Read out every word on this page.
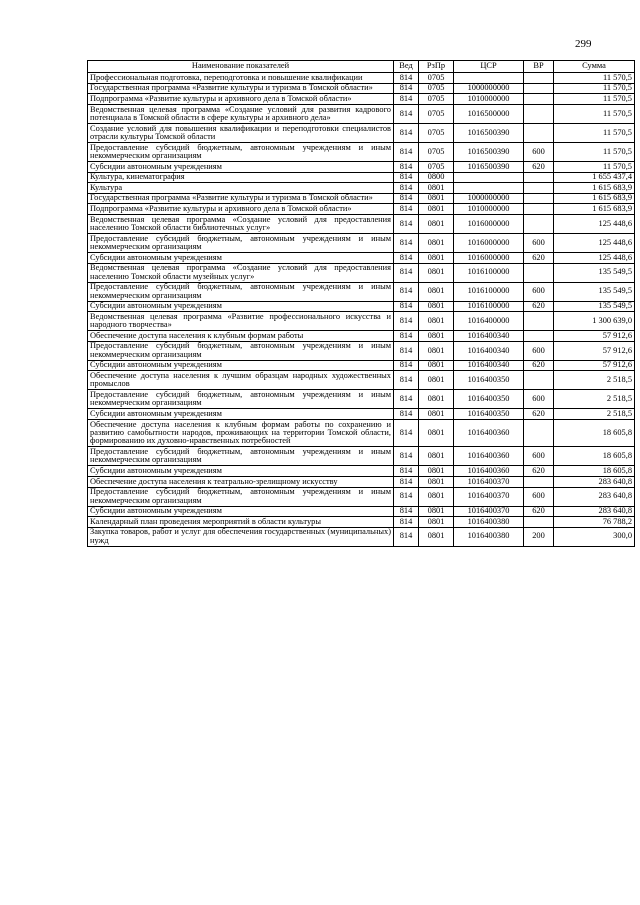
299
Наименование показателей	Вед	РзПр	ЦСР	ВР	Сумма
Профессиональная подготовка, переподготовка и повышение квалификации	814	0705			11 570,5
Государственная программа «Развитие культуры и туризма в Томской области»	814	0705	1000000000		11 570,5
Подпрограмма «Развитие культуры и архивного дела в Томской области»	814	0705	1010000000		11 570,5
Ведомственная целевая программа «Создание условий для развития кадрового потенциала в Томской области в сфере культуры и архивного дела»	814	0705	1016500000		11 570,5
Создание условий для повышения квалификации и переподготовки специалистов отрасли культуры Томской области	814	0705	1016500390		11 570,5
Предоставление субсидий бюджетным, автономным учреждениям и иным некоммерческим организациям	814	0705	1016500390	600	11 570,5
Субсидии автономным учреждениям	814	0705	1016500390	620	11 570,5
Культура, кинематография	814	0800			1 655 437,4
Культура	814	0801			1 615 683,9
Государственная программа «Развитие культуры и туризма в Томской области»	814	0801	1000000000		1 615 683,9
Подпрограмма «Развитие культуры и архивного дела в Томской области»	814	0801	1010000000		1 615 683,9
Ведомственная целевая программа «Создание условий для предоставления населению Томской области библиотечных услуг»	814	0801	1016000000		125 448,6
Предоставление субсидий бюджетным, автономным учреждениям и иным некоммерческим организациям	814	0801	1016000000	600	125 448,6
Субсидии автономным учреждениям	814	0801	1016000000	620	125 448,6
Ведомственная целевая программа «Создание условий для предоставления населению Томской области музейных услуг»	814	0801	1016100000		135 549,5
Предоставление субсидий бюджетным, автономным учреждениям и иным некоммерческим организациям	814	0801	1016100000	600	135 549,5
Субсидии автономным учреждениям	814	0801	1016100000	620	135 549,5
Ведомственная целевая программа «Развитие профессионального искусства и народного творчества»	814	0801	1016400000		1 300 639,0
Обеспечение доступа населения к клубным формам работы	814	0801	1016400340		57 912,6
Предоставление субсидий бюджетным, автономным учреждениям и иным некоммерческим организациям	814	0801	1016400340	600	57 912,6
Субсидии автономным учреждениям	814	0801	1016400340	620	57 912,6
Обеспечение доступа населения к лучшим образцам народных художественных промыслов	814	0801	1016400350		2 518,5
Предоставление субсидий бюджетным, автономным учреждениям и иным некоммерческим организациям	814	0801	1016400350	600	2 518,5
Субсидии автономным учреждениям	814	0801	1016400350	620	2 518,5
Обеспечение доступа населения к клубным формам работы по сохранению и развитию самобытности народов, проживающих на территории Томской области, формированию их духовно-нравственных потребностей	814	0801	1016400360		18 605,8
Предоставление субсидий бюджетным, автономным учреждениям и иным некоммерческим организациям	814	0801	1016400360	600	18 605,8
Субсидии автономным учреждениям	814	0801	1016400360	620	18 605,8
Обеспечение доступа населения к театрально-зрелищному искусству	814	0801	1016400370		283 640,8
Предоставление субсидий бюджетным, автономным учреждениям и иным некоммерческим организациям	814	0801	1016400370	600	283 640,8
Субсидии автономным учреждениям	814	0801	1016400370	620	283 640,8
Календарный план проведения мероприятий в области культуры	814	0801	1016400380		76 788,2
Закупка товаров, работ и услуг для обеспечения государственных (муниципальных) нужд	814	0801	1016400380	200	300,0
